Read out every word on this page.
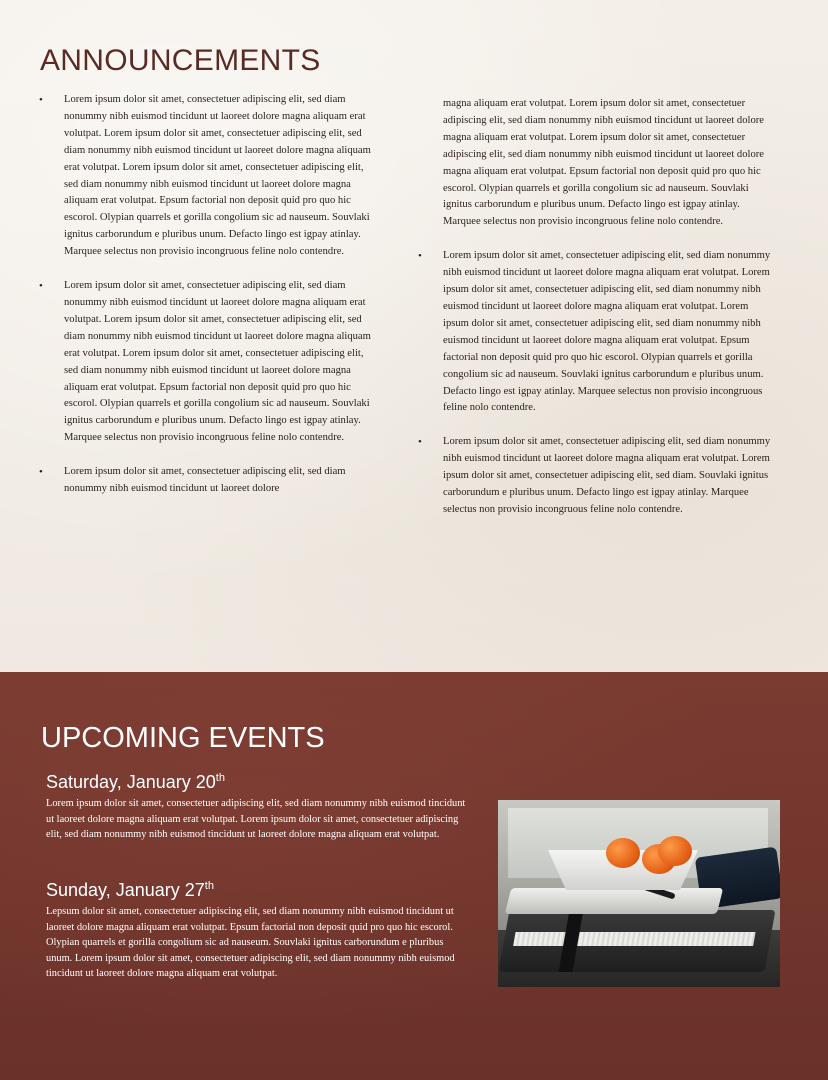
ANNOUNCEMENTS
• Lorem ipsum dolor sit amet, consectetuer adipiscing elit, sed diam nonummy nibh euismod tincidunt ut laoreet dolore magna aliquam erat volutpat. Lorem ipsum dolor sit amet, consectetuer adipiscing elit, sed diam nonummy nibh euismod tincidunt ut laoreet dolore magna aliquam erat volutpat. Lorem ipsum dolor sit amet, consectetuer adipiscing elit, sed diam nonummy nibh euismod tincidunt ut laoreet dolore magna aliquam erat volutpat. Epsum factorial non deposit quid pro quo hic escorol. Olypian quarrels et gorilla congolium sic ad nauseum. Souvlaki ignitus carborundum e pluribus unum. Defacto lingo est igpay atinlay. Marquee selectus non provisio incongruous feline nolo contendre.
• Lorem ipsum dolor sit amet, consectetuer adipiscing elit, sed diam nonummy nibh euismod tincidunt ut laoreet dolore magna aliquam erat volutpat. Lorem ipsum dolor sit amet, consectetuer adipiscing elit, sed diam nonummy nibh euismod tincidunt ut laoreet dolore magna aliquam erat volutpat. Lorem ipsum dolor sit amet, consectetuer adipiscing elit, sed diam nonummy nibh euismod tincidunt ut laoreet dolore magna aliquam erat volutpat. Epsum factorial non deposit quid pro quo hic escorol. Olypian quarrels et gorilla congolium sic ad nauseum. Souvlaki ignitus carborundum e pluribus unum. Defacto lingo est igpay atinlay. Marquee selectus non provisio incongruous feline nolo contendre.
• Lorem ipsum dolor sit amet, consectetuer adipiscing elit, sed diam nonummy nibh euismod tincidunt ut laoreet dolore
magna aliquam erat volutpat. Lorem ipsum dolor sit amet, consectetuer adipiscing elit, sed diam nonummy nibh euismod tincidunt ut laoreet dolore magna aliquam erat volutpat. Lorem ipsum dolor sit amet, consectetuer adipiscing elit, sed diam nonummy nibh euismod tincidunt ut laoreet dolore magna aliquam erat volutpat. Epsum factorial non deposit quid pro quo hic escorol. Olypian quarrels et gorilla congolium sic ad nauseum. Souvlaki ignitus carborundum e pluribus unum. Defacto lingo est igpay atinlay. Marquee selectus non provisio incongruous feline nolo contendre.
• Lorem ipsum dolor sit amet, consectetuer adipiscing elit, sed diam nonummy nibh euismod tincidunt ut laoreet dolore magna aliquam erat volutpat. Lorem ipsum dolor sit amet, consectetuer adipiscing elit, sed diam nonummy nibh euismod tincidunt ut laoreet dolore magna aliquam erat volutpat. Lorem ipsum dolor sit amet, consectetuer adipiscing elit, sed diam nonummy nibh euismod tincidunt ut laoreet dolore magna aliquam erat volutpat. Epsum factorial non deposit quid pro quo hic escorol. Olypian quarrels et gorilla congolium sic ad nauseum. Souvlaki ignitus carborundum e pluribus unum. Defacto lingo est igpay atinlay. Marquee selectus non provisio incongruous feline nolo contendre.
• Lorem ipsum dolor sit amet, consectetuer adipiscing elit, sed diam nonummy nibh euismod tincidunt ut laoreet dolore magna aliquam erat volutpat. Lorem ipsum dolor sit amet, consectetuer adipiscing elit, sed diam. Souvlaki ignitus carborundum e pluribus unum. Defacto lingo est igpay atinlay. Marquee selectus non provisio incongruous feline nolo contendre.
UPCOMING EVENTS
Saturday, January 20th

Lorem ipsum dolor sit amet, consectetuer adipiscing elit, sed diam nonummy nibh euismod tincidunt ut laoreet dolore magna aliquam erat volutpat. Lorem ipsum dolor sit amet, consectetuer adipiscing elit, sed diam nonummy nibh euismod tincidunt ut laoreet dolore magna aliquam erat volutpat.

Sunday, January 27th

Lepsum dolor sit amet, consectetuer adipiscing elit, sed diam nonummy nibh euismod tincidunt ut laoreet dolore magna aliquam erat volutpat. Epsum factorial non deposit quid pro quo hic escorol. Olypian quarrels et gorilla congolium sic ad nauseum. Souvlaki ignitus carborundum e pluribus unum. Lorem ipsum dolor sit amet, consectetuer adipiscing elit, sed diam nonummy nibh euismod tincidunt ut laoreet dolore magna aliquam erat volutpat.
